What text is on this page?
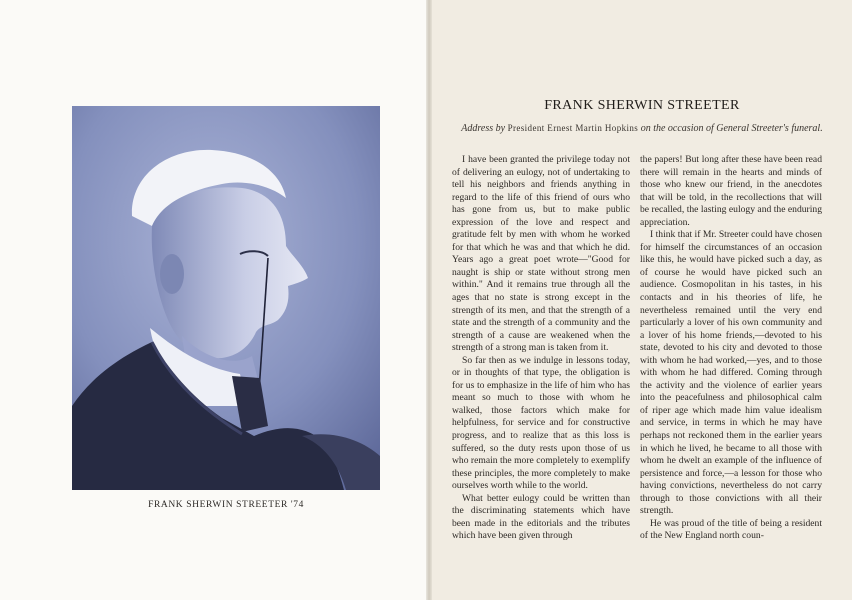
FRANK SHERWIN STREETER '74
FRANK SHERWIN STREETER
Address by President Ernest Martin Hopkins on the occasion of General Streeter's funeral.

I have been granted the privilege today not of delivering an eulogy, not of undertaking to tell his neighbors and friends anything in regard to the life of this friend of ours who has gone from us, but to make public expression of the love and respect and gratitude felt by men with whom he worked for that which he was and that which he did. Years ago a great poet wrote—"Good for naught is ship or state without strong men within." And it remains true through all the ages that no state is strong except in the strength of its men, and that the strength of a state and the strength of a community and the strength of a cause are weakened when the strength of a strong man is taken from it.

So far then as we indulge in lessons today, or in thoughts of that type, the obligation is for us to emphasize in the life of him who has meant so much to those with whom he walked, those factors which make for helpfulness, for service and for constructive progress, and to realize that as this loss is suffered, so the duty rests upon those of us who remain the more completely to exemplify these principles, the more completely to make ourselves worth while to the world.

What better eulogy could be written than the discriminating statements which have been made in the editorials and the tributes which have been given through

the papers! But long after these have been read there will remain in the hearts and minds of those who knew our friend, in the anecdotes that will be told, in the recollections that will be recalled, the lasting eulogy and the enduring appreciation.

I think that if Mr. Streeter could have chosen for himself the circumstances of an occasion like this, he would have picked such a day, as of course he would have picked such an audience. Cosmopolitan in his tastes, in his contacts and in his theories of life, he nevertheless remained until the very end particularly a lover of his own community and a lover of his home friends,—devoted to his state, devoted to his city and devoted to those with whom he had worked,—yes, and to those with whom he had differed. Coming through the activity and the violence of earlier years into the peacefulness and philosophical calm of riper age which made him value idealism and service, in terms in which he may have perhaps not reckoned them in the earlier years in which he lived, he became to all those with whom he dwelt an example of the influence of persistence and force,—a lesson for those who having convictions, nevertheless do not carry through to those convictions with all their strength.

He was proud of the title of being a resident of the New England north coun-
